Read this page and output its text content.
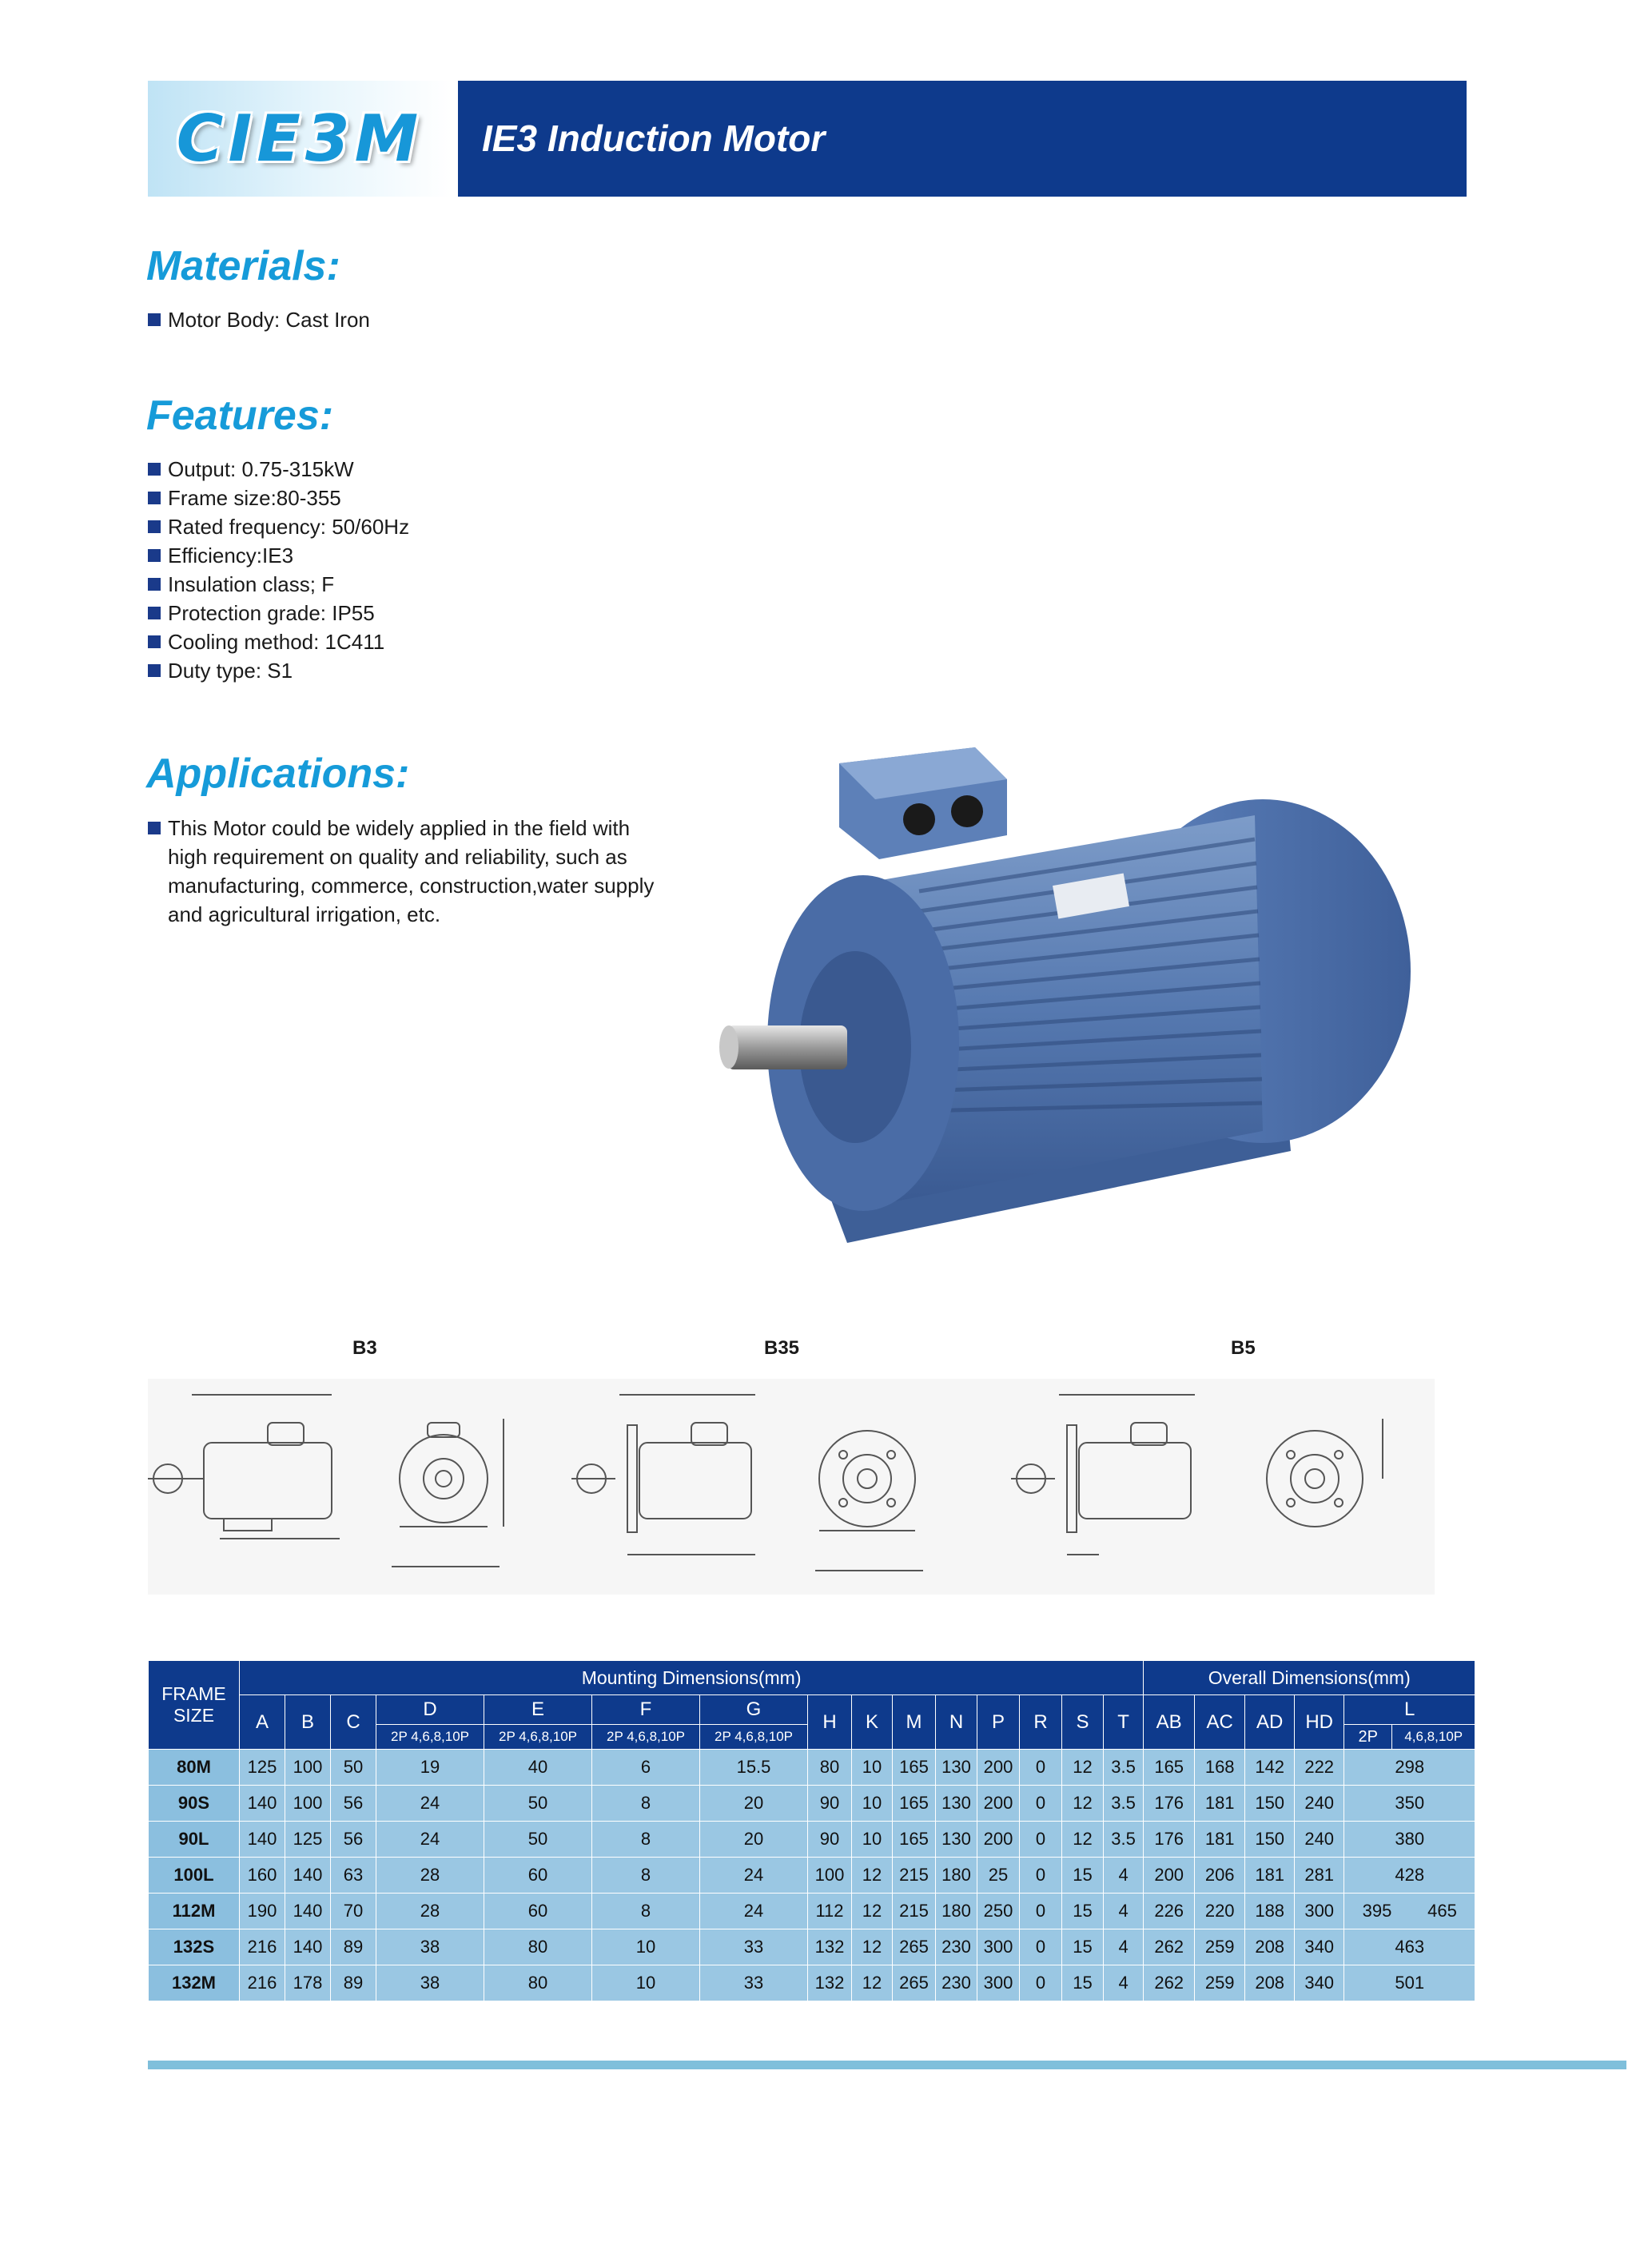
CIE3M	IE3 Induction Motor
Materials:
Motor Body: Cast Iron
Features:
Output: 0.75-315kW
Frame size:80-355
Rated frequency: 50/60Hz
Efficiency:IE3
Insulation class; F
Protection grade: IP55
Cooling method: 1C411
Duty type: S1
Applications:
This Motor could be widely applied in the field with
high requirement on quality and reliability, such as
manufacturing, commerce, construction,water supply
and agricultural irrigation, etc.
B3	B35	B5
FRAME SIZE	Mounting Dimensions(mm)															Overall Dimensions(mm)					
	A	B	C	D	E	F	G	H	K	M	N	P	R	S	T	AB	AC	AD	HD	L	
				2P 4,6,8,10P	2P 4,6,8,10P	2P 4,6,8,10P	2P 4,6,8,10P													2P	4,6,8,10P
80M	125	100	50	19	40	6	15.5	80	10	165	130	200	0	12	3.5	165	168	142	222	298	
90S	140	100	56	24	50	8	20	90	10	165	130	200	0	12	3.5	176	181	150	240	350	
90L	140	125	56	24	50	8	20	90	10	165	130	200	0	12	3.5	176	181	150	240	380	
100L	160	140	63	28	60	8	24	100	12	215	180	25	0	15	4	200	206	181	281	428	
112M	190	140	70	28	60	8	24	112	12	215	180	250	0	15	4	226	220	188	300	395 465	
132S	216	140	89	38	80	10	33	132	12	265	230	300	0	15	4	262	259	208	340	463	
132M	216	178	89	38	80	10	33	132	12	265	230	300	0	15	4	262	259	208	340	501	
